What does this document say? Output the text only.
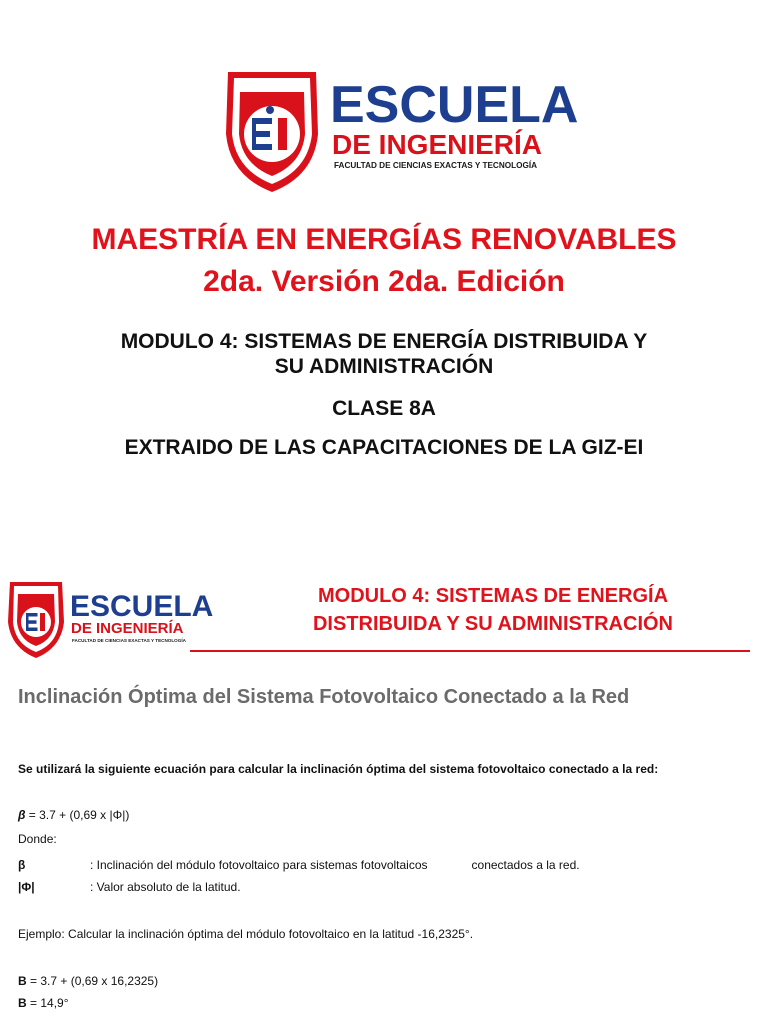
U.A.G.R.M ESCUELA
DE INGENIERÍA
FACULTAD DE CIENCIAS EXACTAS Y TECNOLOGÍA
MAESTRÍA EN ENERGÍAS RENOVABLES
2da. Versión 2da. Edición
MODULO 4: SISTEMAS DE ENERGÍA DISTRIBUIDA Y
SU ADMINISTRACIÓN
CLASE 8A
EXTRAIDO DE LAS CAPACITACIONES DE LA GIZ-EI
U.A.G.R.M ESCUELA
DE INGENIERÍA
FACULTAD DE CIENCIAS EXACTAS Y TECNOLOGÍA
MODULO 4: SISTEMAS DE ENERGÍA
DISTRIBUIDA Y SU ADMINISTRACIÓN
Inclinación Óptima del Sistema Fotovoltaico Conectado a la Red
Se utilizará la siguiente ecuación para calcular la inclinación óptima del sistema fotovoltaico conectado a la red:
β = 3.7 + (0,69 x |Φ|)
Donde:
β	: Inclinación del módulo fotovoltaico para sistemas fotovoltaicos	conectados a la red.
|Φ|	: Valor absoluto de la latitud.
Ejemplo: Calcular la inclinación óptima del módulo fotovoltaico en la latitud -16,2325°.
B = 3.7 + (0,69 x 16,2325)
B = 14,9°
